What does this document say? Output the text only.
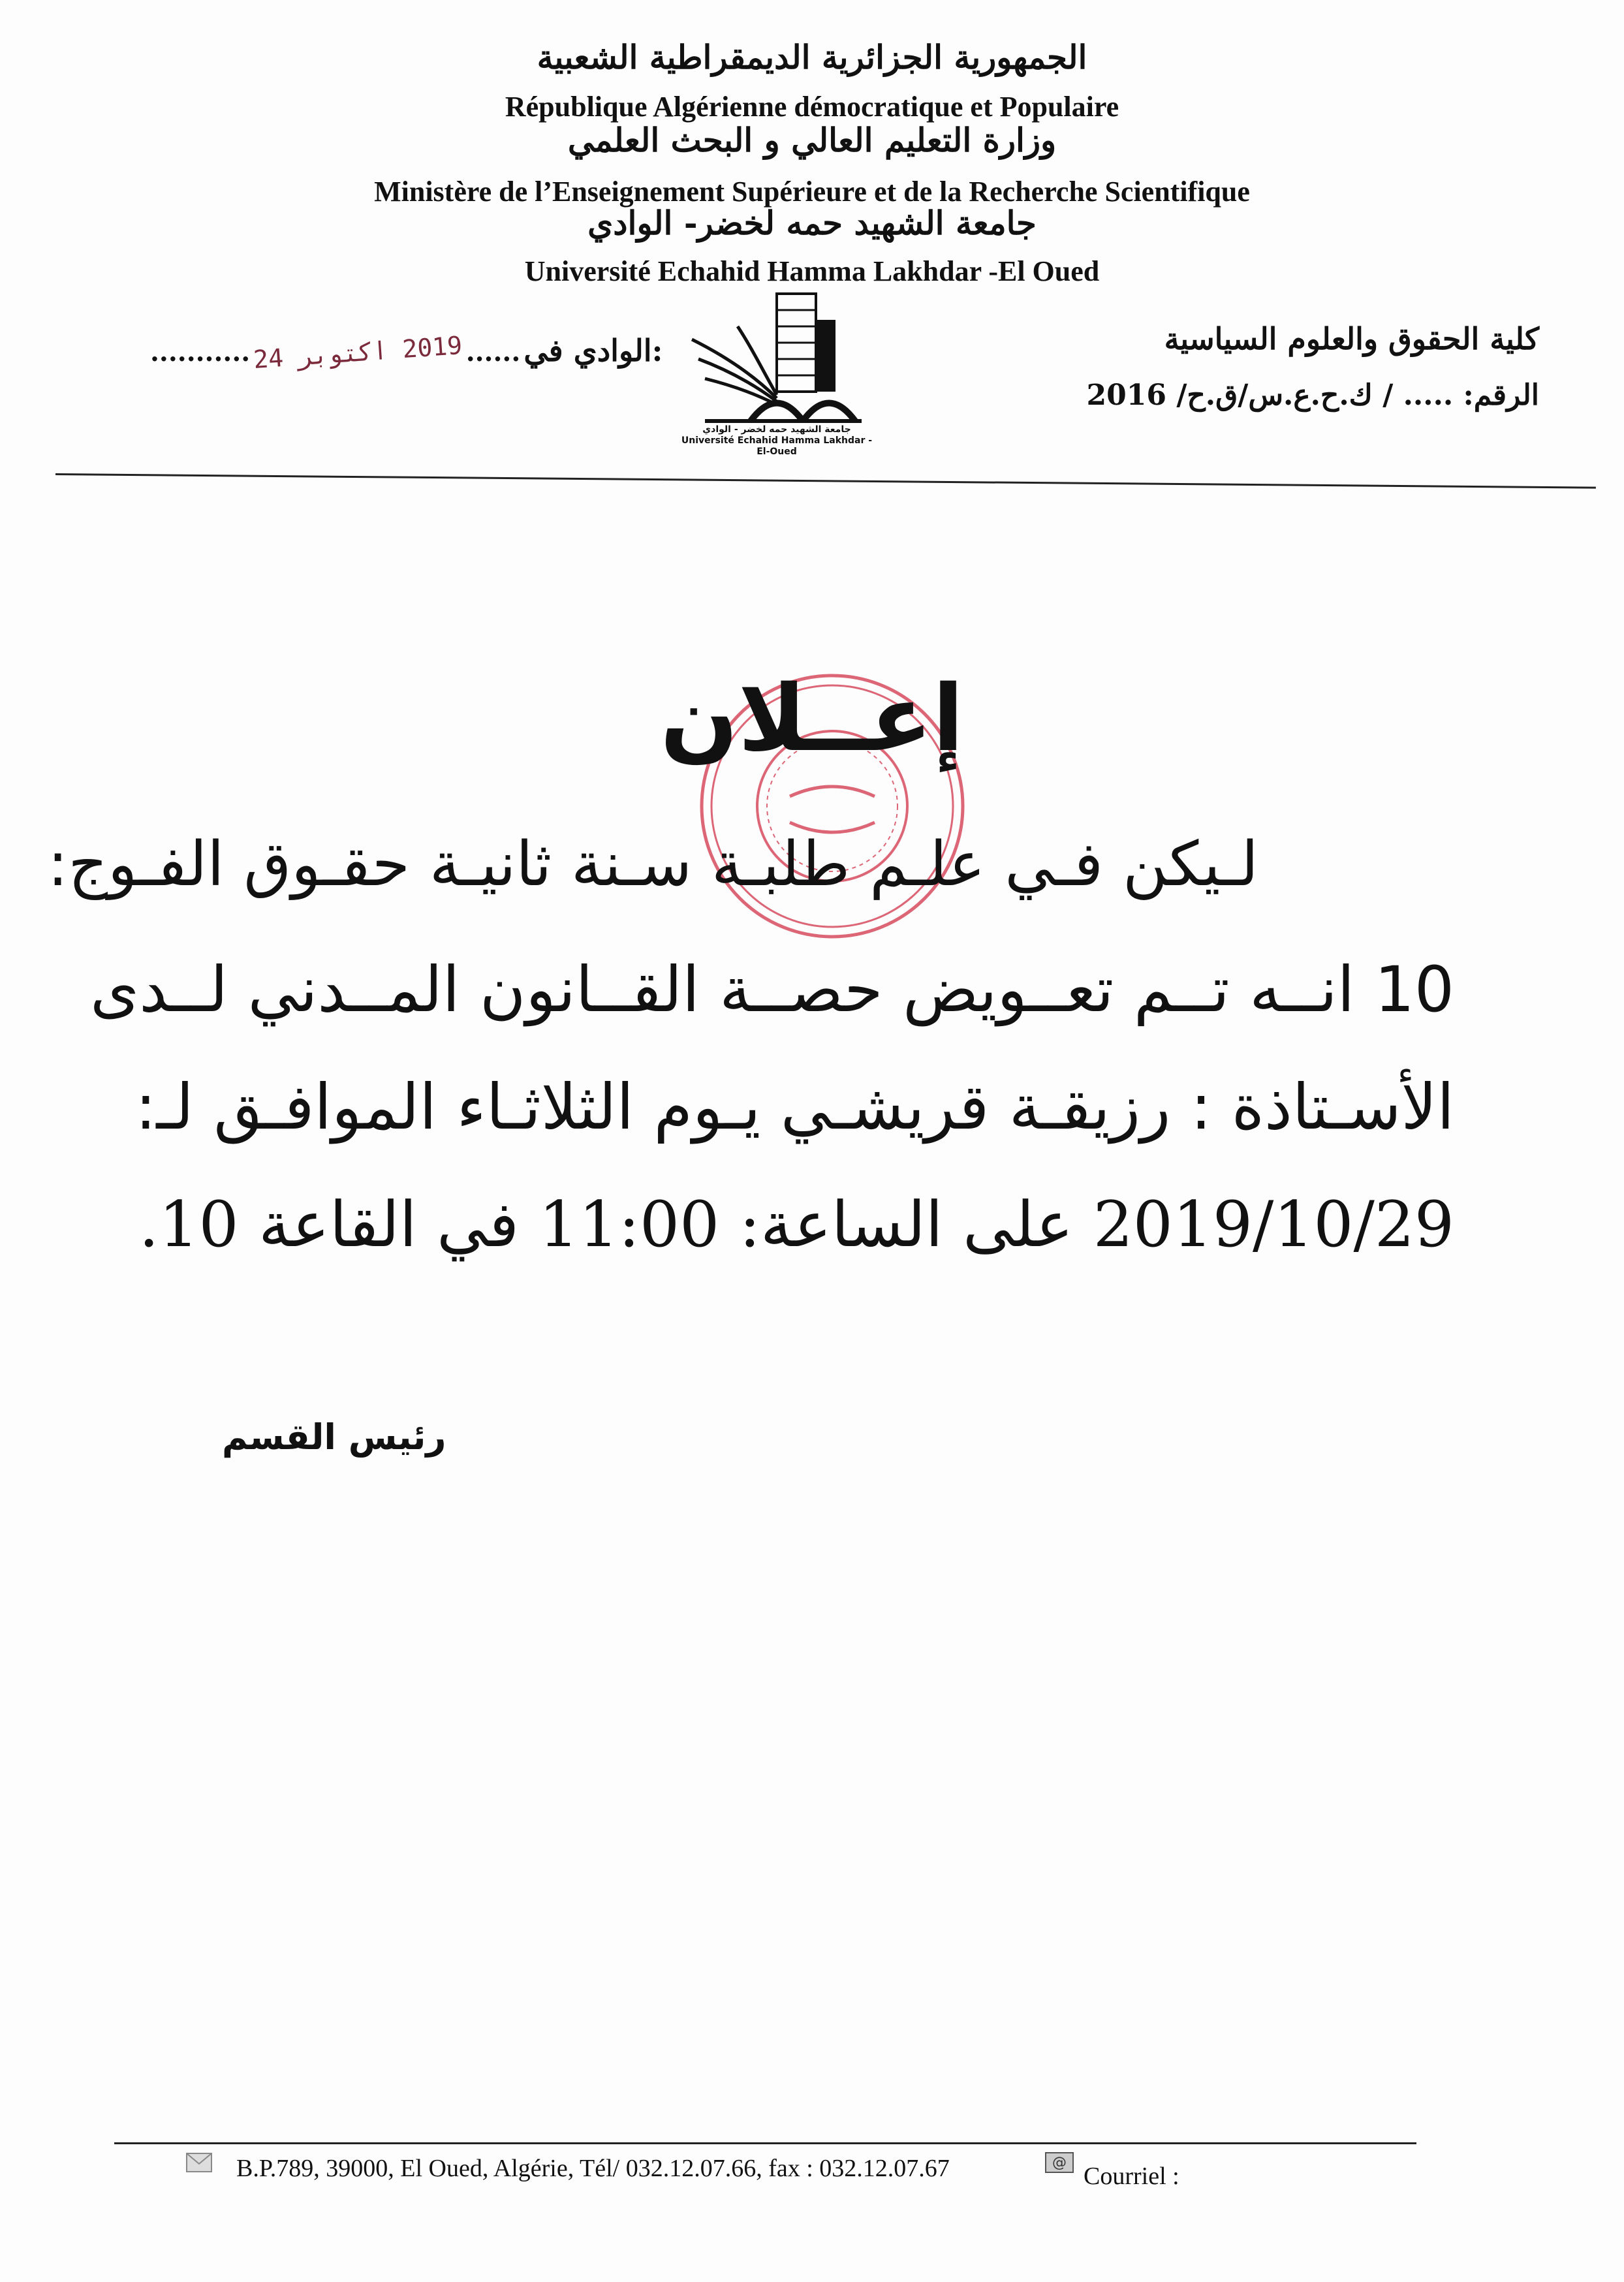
الجمهورية الجزائرية الديمقراطية الشعبية
République Algérienne démocratique et Populaire
وزارة التعليم العالي و البحث العلمي
Ministère de l’Enseignement Supérieure et de la Recherche Scientifique
جامعة الشهيد حمه لخضر- الوادي
Université Echahid Hamma Lakhdar -El Oued
كلية الحقوق والعلوم السياسية
الرقم: ..... / ك.ح.ع.س/ق.ح/ 2016
........... 2019 اكتوبر 24 ...... الوادي في:
جامعة الشهيد حمه لخضر - الوادي
Université Echahid Hamma Lakhdar - El-Oued
إعــلان
لـيكن فـي علـم طلبـة سـنة ثانيـة حقـوق الفـوج:
10 انــه تــم تعــويض حصــة القــانون المــدني لــدى
الأسـتاذة : رزيقـة قريشـي يـوم الثلاثـاء الموافـق لـ:
2019/10/29 على الساعة: 11:00 في القاعة 10.
رئيس القسم
B.P.789, 39000, El Oued, Algérie, Tél/ 032.12.07.66, fax : 032.12.07.67	@ Courriel :
